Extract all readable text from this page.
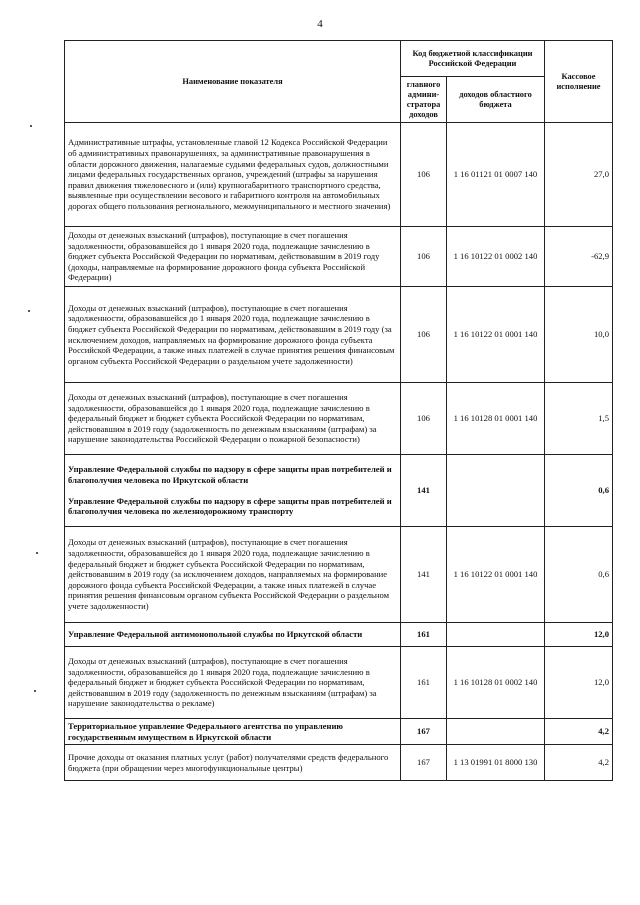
4
Наименование показателя	Код бюджетной классификации Российской Федерации		Кассовое исполнение
	главного админи-стратора доходов	доходов областного бюджета	
Административные штрафы, установленные главой 12 Кодекса Российской Федерации об административных правонарушениях, за административные правонарушения в области дорожного движения, налагаемые судьями федеральных судов, должностными лицами федеральных государственных органов, учреждений (штрафы за нарушения правил движения тяжеловесного и (или) крупногабаритного транспортного средства, выявленные при осуществлении весового и габаритного контроля на автомобильных дорогах общего пользования регионального, межмуниципального и местного значения)	106	1 16 01121 01 0007 140	27,0
Доходы от денежных взысканий (штрафов), поступающие в счет погашения задолженности, образовавшейся до 1 января 2020 года, подлежащие зачислению в бюджет субъекта Российской Федерации по нормативам, действовавшим в 2019 году (доходы, направляемые на формирование дорожного фонда субъекта Российской Федерации)	106	1 16 10122 01 0002 140	-62,9
Доходы от денежных взысканий (штрафов), поступающие в счет погашения задолженности, образовавшейся до 1 января 2020 года, подлежащие зачислению в бюджет субъекта Российской Федерации по нормативам, действовавшим в 2019 году (за исключением доходов, направляемых на формирование дорожного фонда субъекта Российской Федерации, а также иных платежей в случае принятия решения финансовым органом субъекта Российской Федерации о раздельном учете задолженности)	106	1 16 10122 01 0001 140	10,0
Доходы от денежных взысканий (штрафов), поступающие в счет погашения задолженности, образовавшейся до 1 января 2020 года, подлежащие зачислению в федеральный бюджет и бюджет субъекта Российской Федерации по нормативам, действовавшим в 2019 году (задолженность по денежным взысканиям (штрафам) за нарушение законодательства Российской Федерации о пожарной безопасности)	106	1 16 10128 01 0001 140	1,5

Управление Федеральной службы по надзору в сфере защиты прав потребителей и благополучия человека по Иркутской области
Управление Федеральной службы по надзору в сфере защиты прав потребителей и благополучия человека по железнодорожному транспорту	141		0,6
Доходы от денежных взысканий (штрафов), поступающие в счет погашения задолженности, образовавшейся до 1 января 2020 года, подлежащие зачислению в федеральный бюджет и бюджет субъекта Российской Федерации по нормативам, действовавшим в 2019 году (за исключением доходов, направляемых на формирование дорожного фонда субъекта Российской Федерации, а также иных платежей в случае принятия решения финансовым органом субъекта Российской Федерации о раздельном учете задолженности)	141	1 16 10122 01 0001 140	0,6
Управление Федеральной антимонопольной службы по Иркутской области	161		12,0
Доходы от денежных взысканий (штрафов), поступающие в счет погашения задолженности, образовавшейся до 1 января 2020 года, подлежащие зачислению в федеральный бюджет и бюджет субъекта Российской Федерации по нормативам, действовавшим в 2019 году (задолженность по денежным взысканиям (штрафам) за нарушение законодательства о рекламе)	161	1 16 10128 01 0002 140	12,0
Территориальное управление Федерального агентства по управлению государственным имуществом в Иркутской области	167		4,2
Прочие доходы от оказания платных услуг (работ) получателями средств федерального бюджета (при обращении через многофункциональные центры)	167	1 13 01991 01 8000 130	4,2
